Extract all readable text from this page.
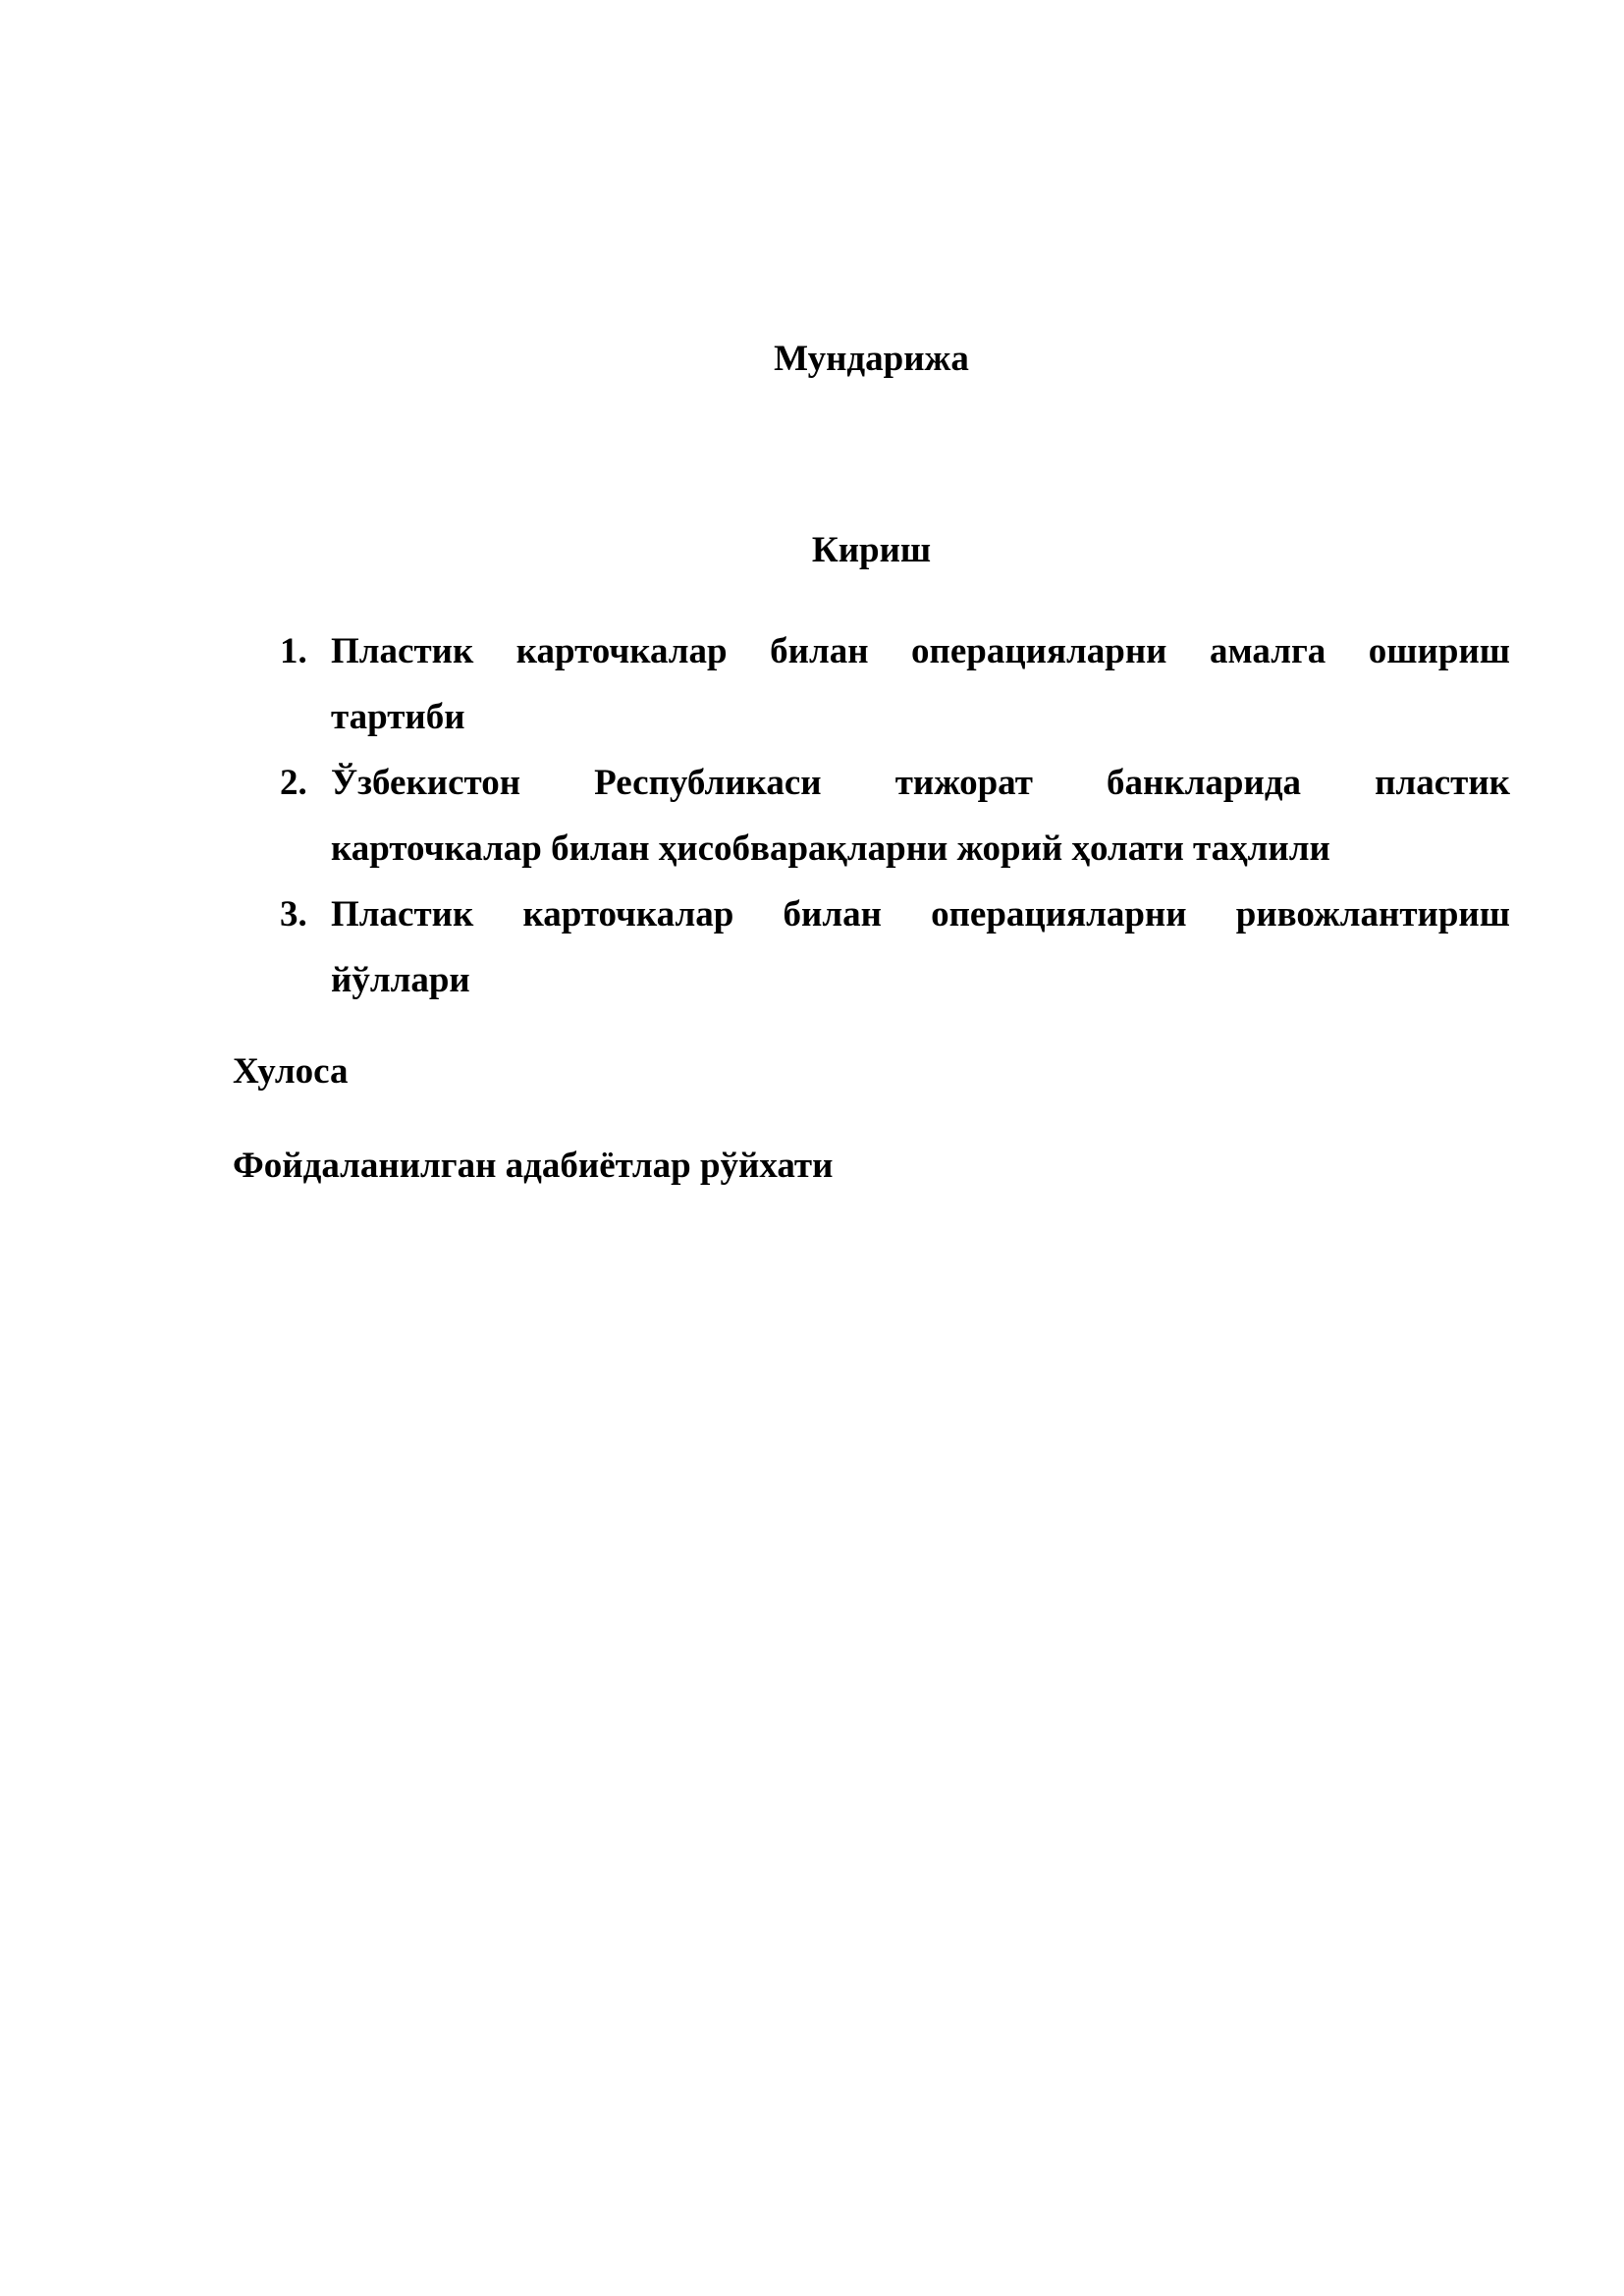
Мундарижа
Кириш
1. Пластик карточкалар билан операцияларни амалга ошириш
тартиби
2. Ўзбекистон Республикаси тижорат банкларида пластик
карточкалар билан ҳисобварақларни жорий ҳолати таҳлили
3. Пластик карточкалар билан операцияларни ривожлантириш
йўллари
Хулоса
Фойдаланилган адабиётлар рўйхати
